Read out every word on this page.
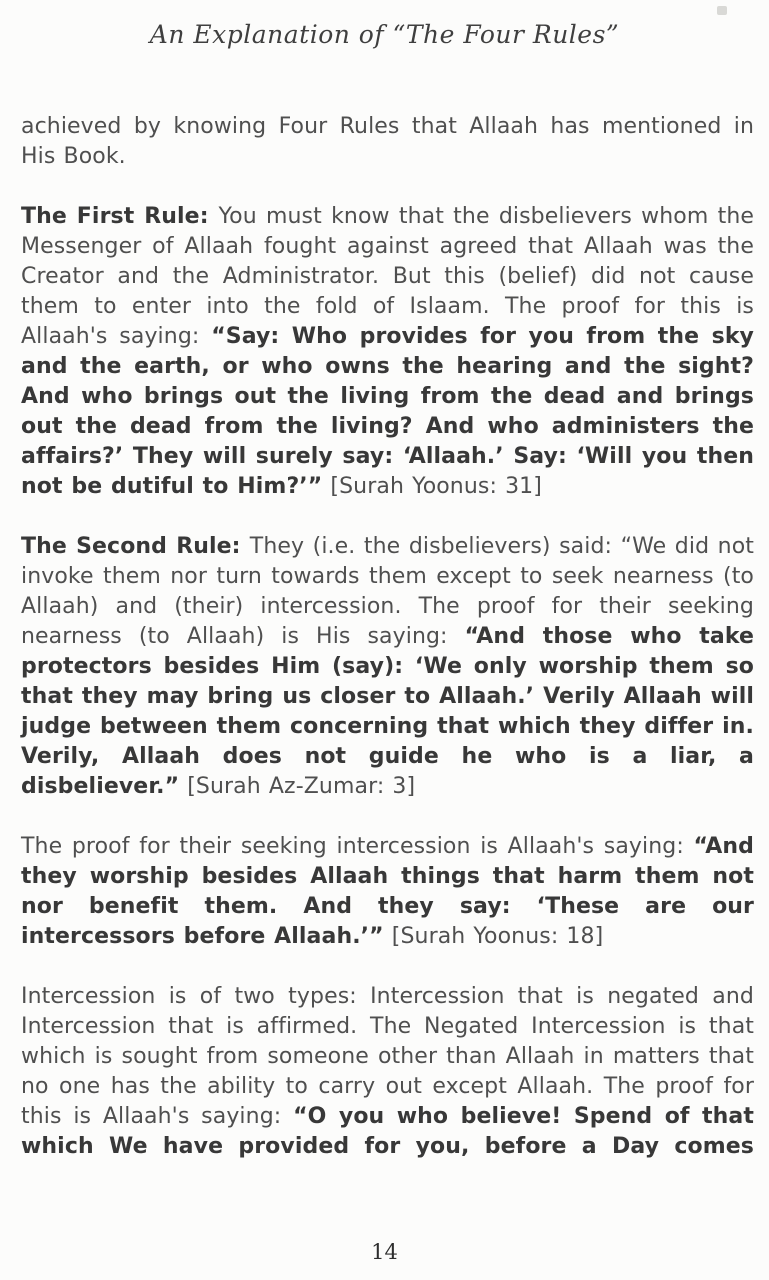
An Explanation of “The Four Rules”

achieved by knowing Four Rules that Allaah has mentioned in His Book.

The First Rule: You must know that the disbelievers whom the Messenger of Allaah fought against agreed that Allaah was the Creator and the Administrator. But this (belief) did not cause them to enter into the fold of Islaam. The proof for this is Allaah's saying: “Say: Who provides for you from the sky and the earth, or who owns the hearing and the sight? And who brings out the living from the dead and brings out the dead from the living? And who administers the affairs?’ They will surely say: ‘Allaah.’ Say: ‘Will you then not be dutiful to Him?’” [Surah Yoonus: 31]

The Second Rule: They (i.e. the disbelievers) said: “We did not invoke them nor turn towards them except to seek nearness (to Allaah) and (their) intercession. The proof for their seeking nearness (to Allaah) is His saying: “And those who take protectors besides Him (say): ‘We only worship them so that they may bring us closer to Allaah.’ Verily Allaah will judge between them concerning that which they differ in. Verily, Allaah does not guide he who is a liar, a disbeliever.” [Surah Az-Zumar: 3]

The proof for their seeking intercession is Allaah's saying: “And they worship besides Allaah things that harm them not nor benefit them. And they say: ‘These are our intercessors before Allaah.’” [Surah Yoonus: 18]

Intercession is of two types: Intercession that is negated and Intercession that is affirmed. The Negated Intercession is that which is sought from someone other than Allaah in matters that no one has the ability to carry out except Allaah. The proof for this is Allaah's saying: “O you who believe! Spend of that which We have provided for you, before a Day comes

14
